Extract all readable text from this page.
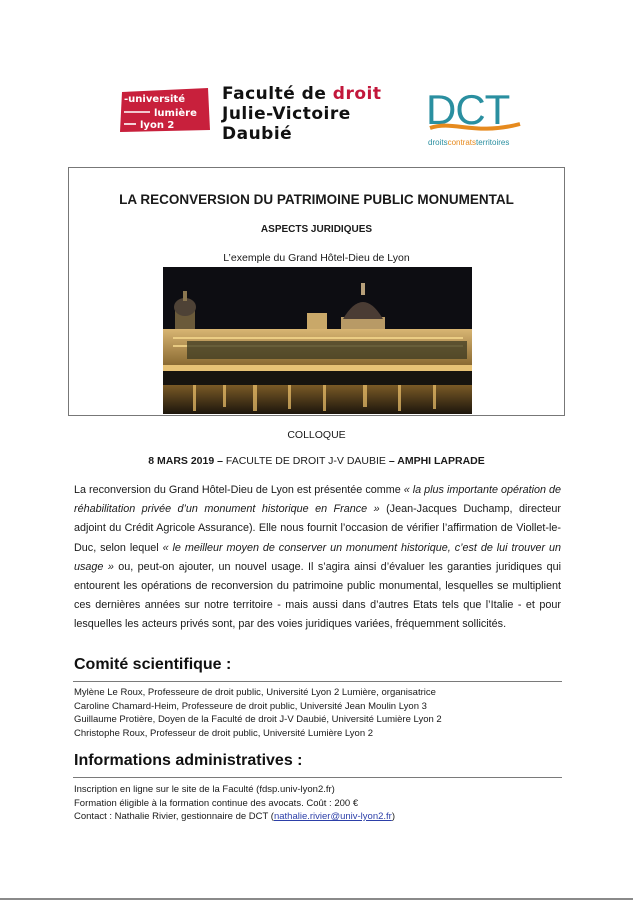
-université
lumière
lyon 2
Faculté de droit
Julie-Victoire
Daubié
DCT
droitscontratsterritoires
LA RECONVERSION DU PATRIMOINE PUBLIC MONUMENTAL
ASPECTS JURIDIQUES
L’exemple du Grand Hôtel-Dieu de Lyon
COLLOQUE
8 MARS 2019 – FACULTE DE DROIT J-V DAUBIE – AMPHI LAPRADE
La reconversion du Grand Hôtel-Dieu de Lyon est présentée comme « la plus importante opération de réhabilitation privée d’un monument historique en France » (Jean-Jacques Duchamp, directeur adjoint du Crédit Agricole Assurance). Elle nous fournit l’occasion de vérifier l’affirmation de Viollet-le-Duc, selon lequel « le meilleur moyen de conserver un monument historique, c’est de lui trouver un usage » ou, peut-on ajouter, un nouvel usage. Il s’agira ainsi d’évaluer les garanties juridiques qui entourent les opérations de reconversion du patrimoine public monumental, lesquelles se multiplient ces dernières années sur notre territoire - mais aussi dans d’autres Etats tels que l’Italie - et pour lesquelles les acteurs privés sont, par des voies juridiques variées, fréquemment sollicités.
Comité scientifique :
Mylène Le Roux, Professeure de droit public, Université Lyon 2 Lumière, organisatrice
Caroline Chamard-Heim, Professeure de droit public, Université Jean Moulin Lyon 3
Guillaume Protière, Doyen de la Faculté de droit J-V Daubié, Université Lumière Lyon 2
Christophe Roux, Professeur de droit public, Université Lumière Lyon 2
Informations administratives :
Inscription en ligne sur le site de la Faculté (fdsp.univ-lyon2.fr)
Formation éligible à la formation continue des avocats. Coût : 200 €
Contact : Nathalie Rivier, gestionnaire de DCT (nathalie.rivier@univ-lyon2.fr)
